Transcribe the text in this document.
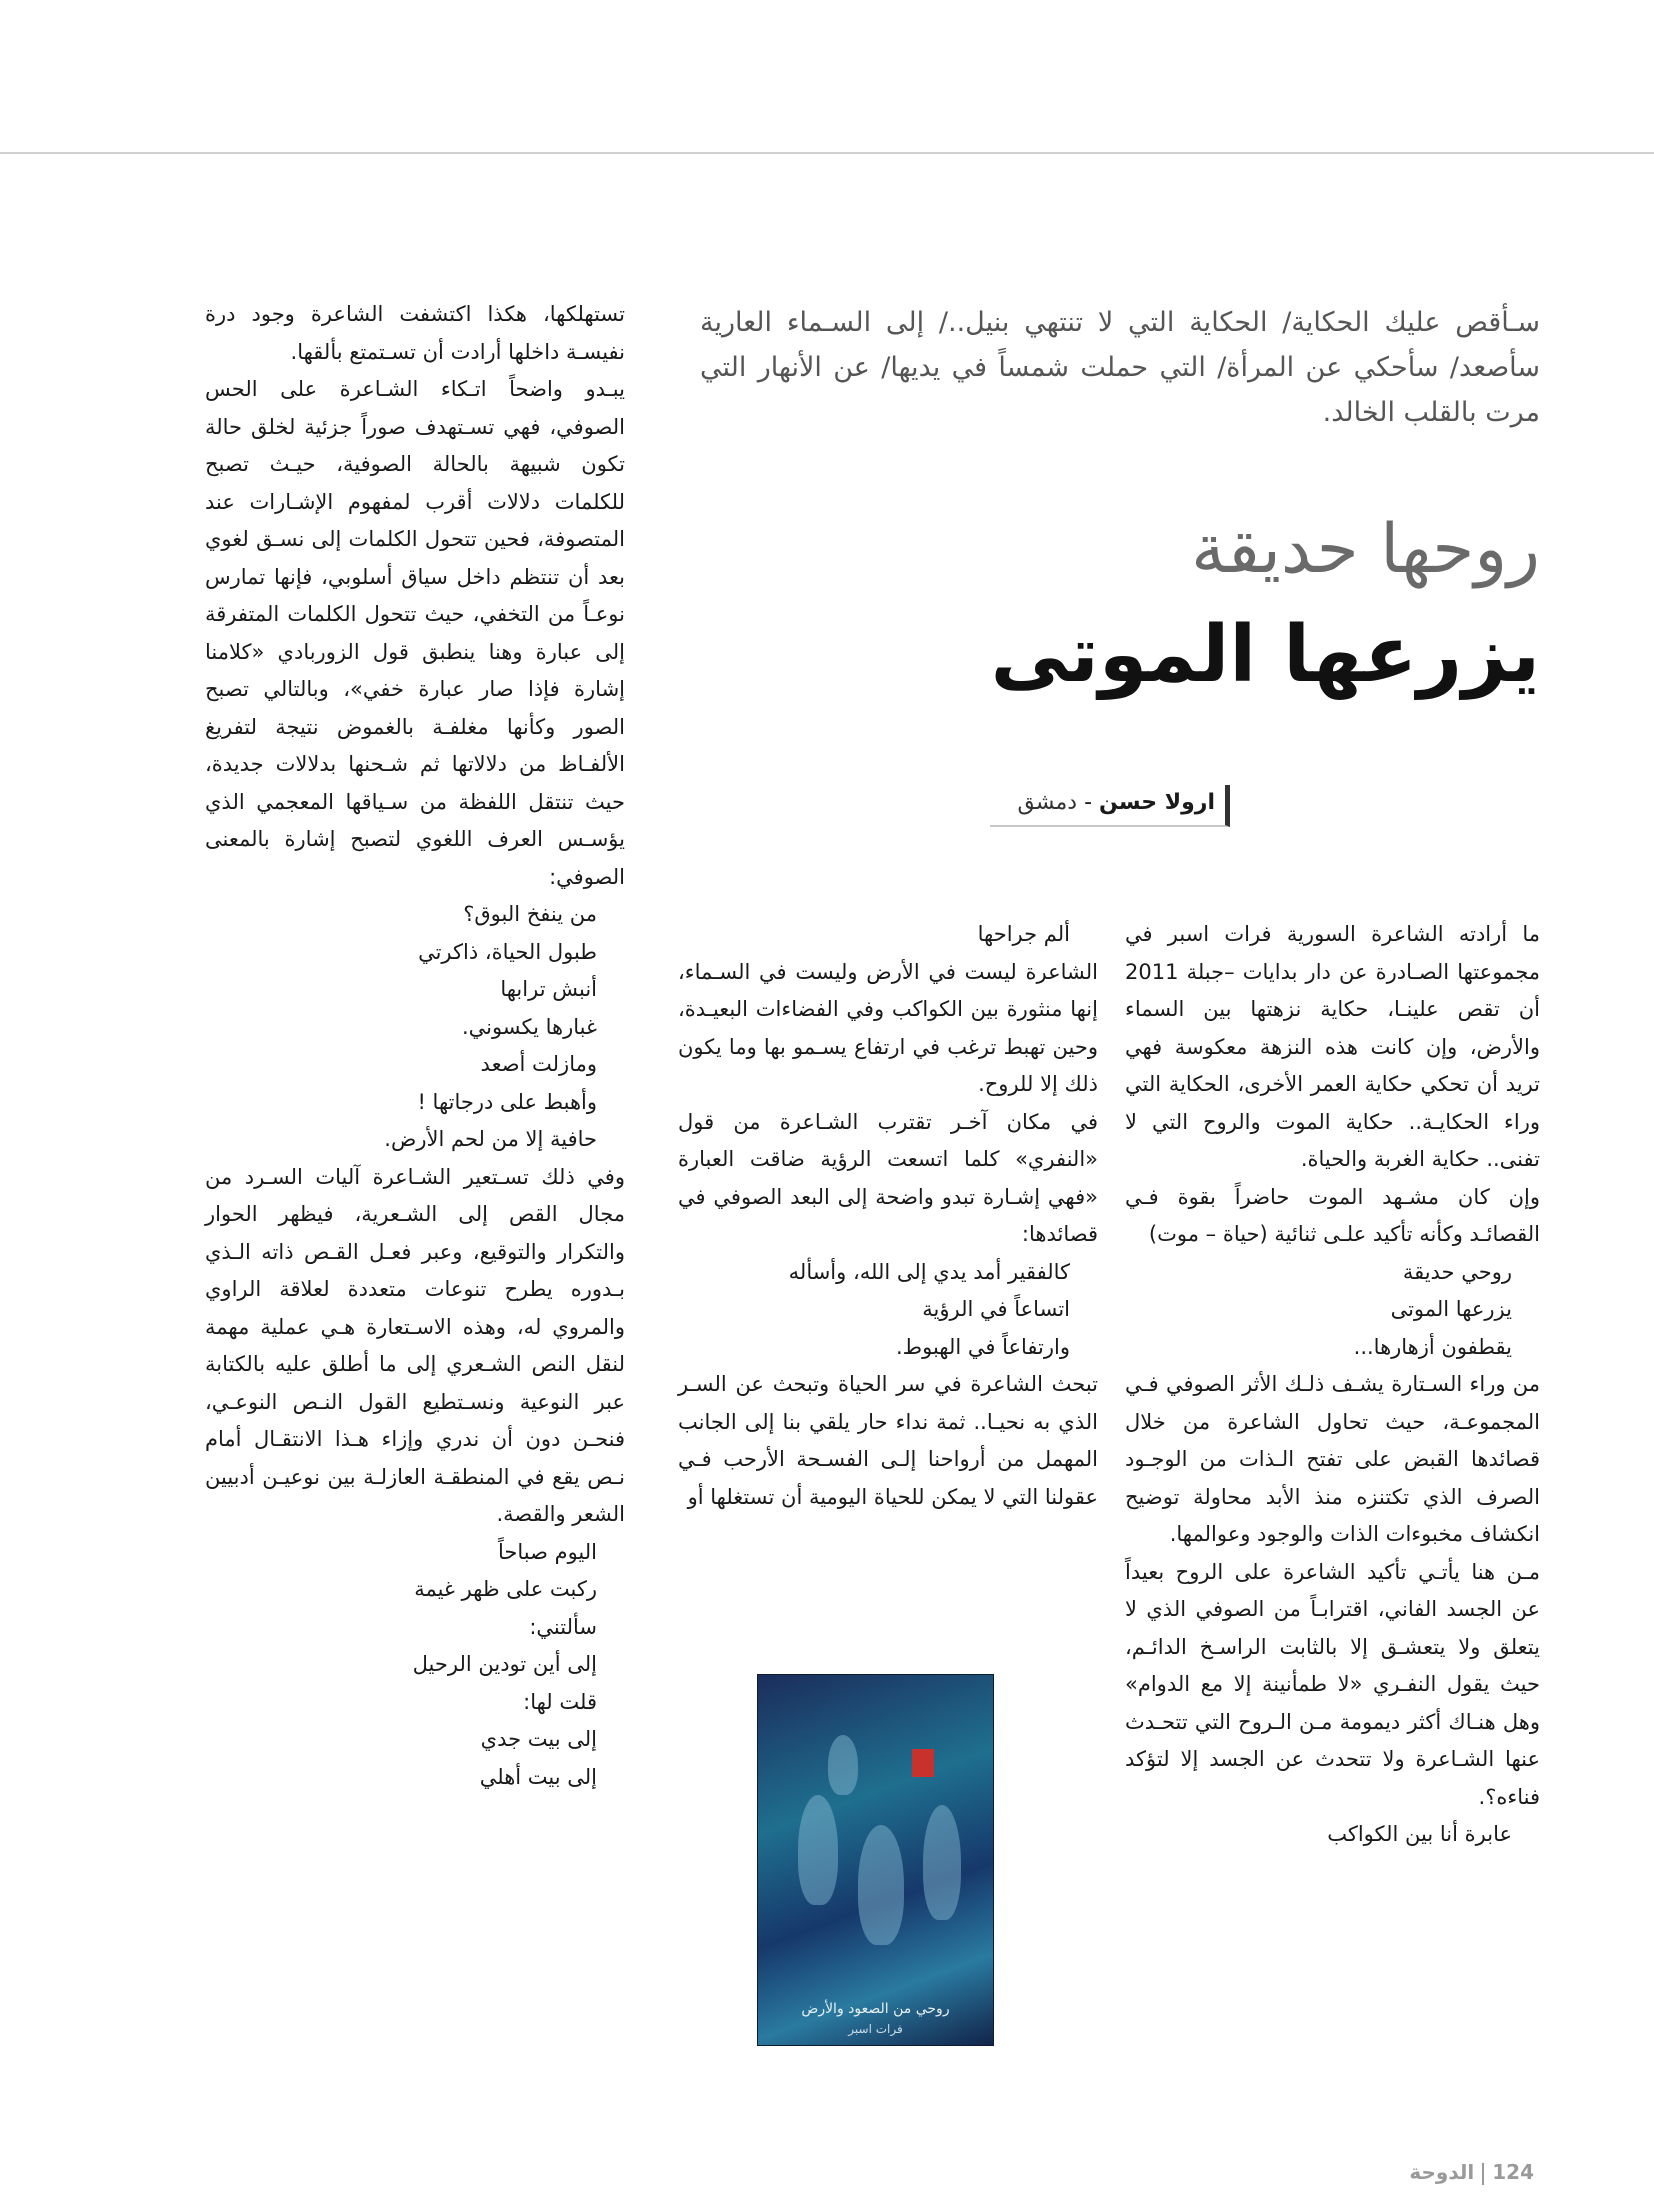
سـأقص عليك الحكاية/ الحكاية التي لا تنتهي بنيل../ إلى السـماء العارية سأصعد/ سأحكي عن المرأة/ التي حملت شمساً في يديها/ عن الأنهار التي مرت بالقلب الخالد.

روحها حديقة
يزرعها الموتى
ارولا حسن - دمشق

ما أرادته الشاعرة السورية فرات اسبر في مجموعتها الصـادرة عن دار بدايات –جبلة 2011 أن تقص علينـا، حكاية نزهتها بين السماء والأرض، وإن كانت هذه النزهة معكوسة فهي تريد أن تحكي حكاية العمر الأخرى، الحكاية التي وراء الحكايـة.. حكاية الموت والروح التي لا تفنى.. حكاية الغربة والحياة.

وإن كان مشـهد الموت حاضراً بقوة فـي القصائـد وكأنه تأكيد علـى ثنائية (حياة – موت)

روحي حديقة

يزرعها الموتى

يقطفون أزهارها...

من وراء السـتارة يشـف ذلـك الأثر الصوفي فـي المجموعـة، حيث تحاول الشاعرة من خلال قصائدها القبض على تفتح الـذات من الوجـود الصرف الذي تكتنزه منذ الأبد محاولة توضيح انكشاف مخبوءات الذات والوجود وعوالمها.

مـن هنا يأتـي تأكيد الشاعرة على الروح بعيداً عن الجسد الفاني، اقترابـاً من الصوفي الذي لا يتعلق ولا يتعشـق إلا بالثابت الراسـخ الدائـم، حيث يقول النفـري «لا طمأنينة إلا مع الدوام» وهل هنـاك أكثر ديمومة مـن الـروح التي تتحـدث عنها الشـاعرة ولا تتحدث عن الجسد إلا لتؤكد فناءه؟.

عابرة أنا بين الكواكب

ألم جراحها

الشاعرة ليست في الأرض وليست في السـماء، إنها منثورة بين الكواكب وفي الفضاءات البعيـدة، وحين تهبط ترغب في ارتفاع يسـمو بها وما يكون ذلك إلا للروح.

في مكان آخـر تقترب الشـاعرة من قول «النفري» كلما اتسعت الرؤية ضاقت العبارة «فهي إشـارة تبدو واضحة إلى البعد الصوفي في قصائدها:

كالفقير أمد يدي إلى الله، وأسأله

اتساعاً في الرؤية

وارتفاعاً في الهبوط.

تبحث الشاعرة في سر الحياة وتبحث عن السـر الذي به نحيـا.. ثمة نداء حار يلقي بنا إلى الجانب المهمل من أرواحنا إلـى الفسـحة الأرحب فـي عقولنا التي لا يمكن للحياة اليومية أن تستغلها أو

تستهلكها، هكذا اكتشفت الشاعرة وجود درة نفيسـة داخلها أرادت أن تسـتمتع بألقها.

يبـدو واضحاً اتـكاء الشـاعرة على الحس الصوفي، فهي تسـتهدف صوراً جزئية لخلق حالة تكون شبيهة بالحالة الصوفية، حيـث تصبح للكلمات دلالات أقرب لمفهوم الإشـارات عند المتصوفة، فحين تتحول الكلمات إلى نسـق لغوي بعد أن تنتظم داخل سياق أسلوبي، فإنها تمارس نوعـاً من التخفي، حيث تتحول الكلمات المتفرقة إلى عبارة وهنا ينطبق قول الزوربادي «كلامنا إشارة فإذا صار عبارة خفي»، وبالتالي تصبح الصور وكأنها مغلفـة بالغموض نتيجة لتفريغ الألفـاظ من دلالاتها ثم شـحنها بدلالات جديدة، حيث تنتقل اللفظة من سـياقها المعجمي الذي يؤسـس العرف اللغوي لتصبح إشارة بالمعنى الصوفي:

من ينفخ البوق؟

طبول الحياة، ذاكرتي

أنبش ترابها

غبارها يكسوني.

ومازلت أصعد

وأهبط على درجاتها !

حافية إلا من لحم الأرض.

وفي ذلك تسـتعير الشـاعرة آليات السـرد من مجال القص إلى الشـعرية، فيظهر الحوار والتكرار والتوقيع، وعبر فعـل القـص ذاته الـذي بـدوره يطرح تنوعات متعددة لعلاقة الراوي والمروي له، وهذه الاسـتعارة هـي عملية مهمة لنقل النص الشـعري إلى ما أطلق عليه بالكتابة عبر النوعية ونسـتطيع القول النـص النوعـي، فنحـن دون أن ندري وإزاء هـذا الانتقـال أمام نـص يقع في المنطقـة العازلـة بين نوعيـن أدبيين الشعر والقصة.

اليوم صباحاً

ركبت على ظهر غيمة

سألتني:

إلى أين تودين الرحيل

قلت لها:

إلى بيت جدي

إلى بيت أهلي

روحي من الصعود والأرض
فرات اسبر
124الدوحة
